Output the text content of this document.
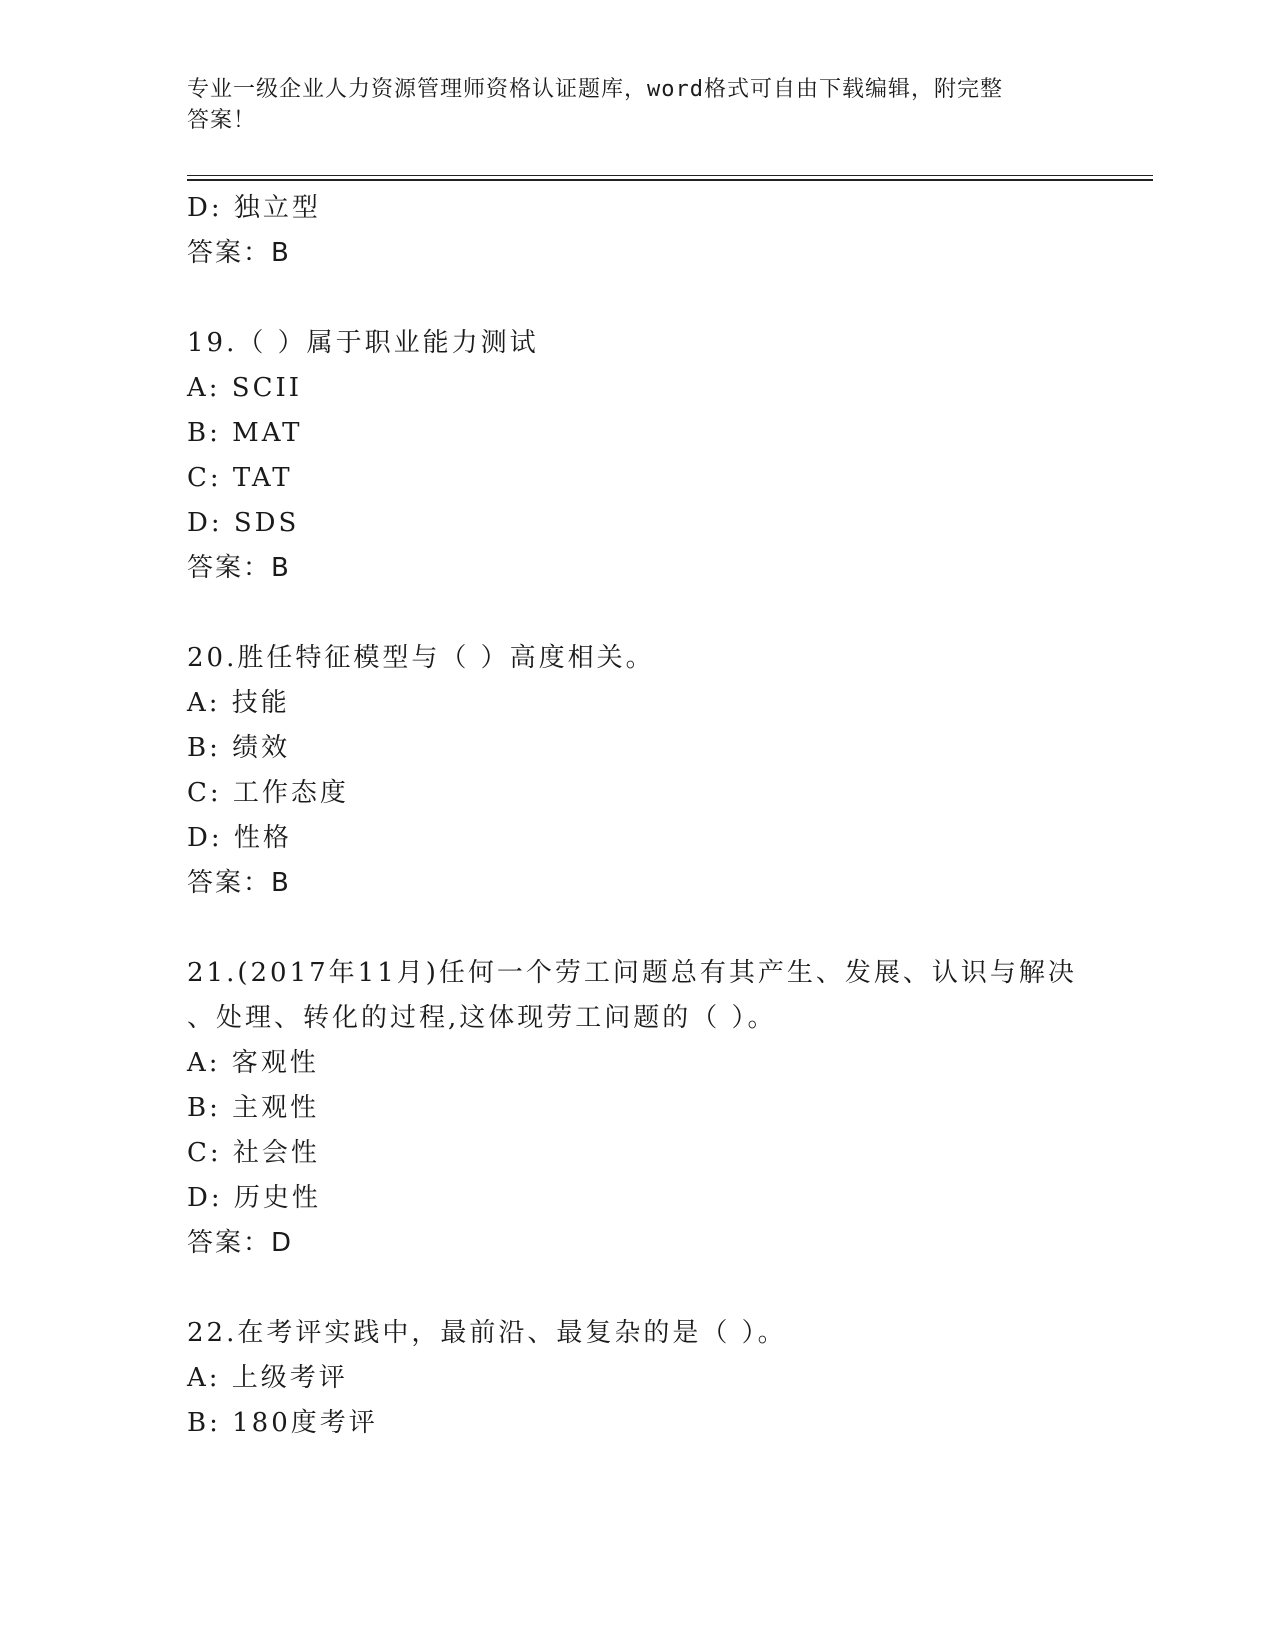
专业一级企业人力资源管理师资格认证题库，word格式可自由下载编辑，附完整
答案！
D: 独立型
答案：B
19.（ ）属于职业能力测试
A: SCII
B: MAT
C: TAT
D: SDS
答案：B
20.胜任特征模型与（ ）高度相关。
A: 技能
B: 绩效
C: 工作态度
D: 性格
答案：B
21.(2017年11月)任何一个劳工问题总有其产生、发展、认识与解决
、处理、转化的过程,这体现劳工问题的（ ）。
A: 客观性
B: 主观性
C: 社会性
D: 历史性
答案：D
22.在考评实践中，最前沿、最复杂的是（ ）。
A: 上级考评
B: 180度考评
